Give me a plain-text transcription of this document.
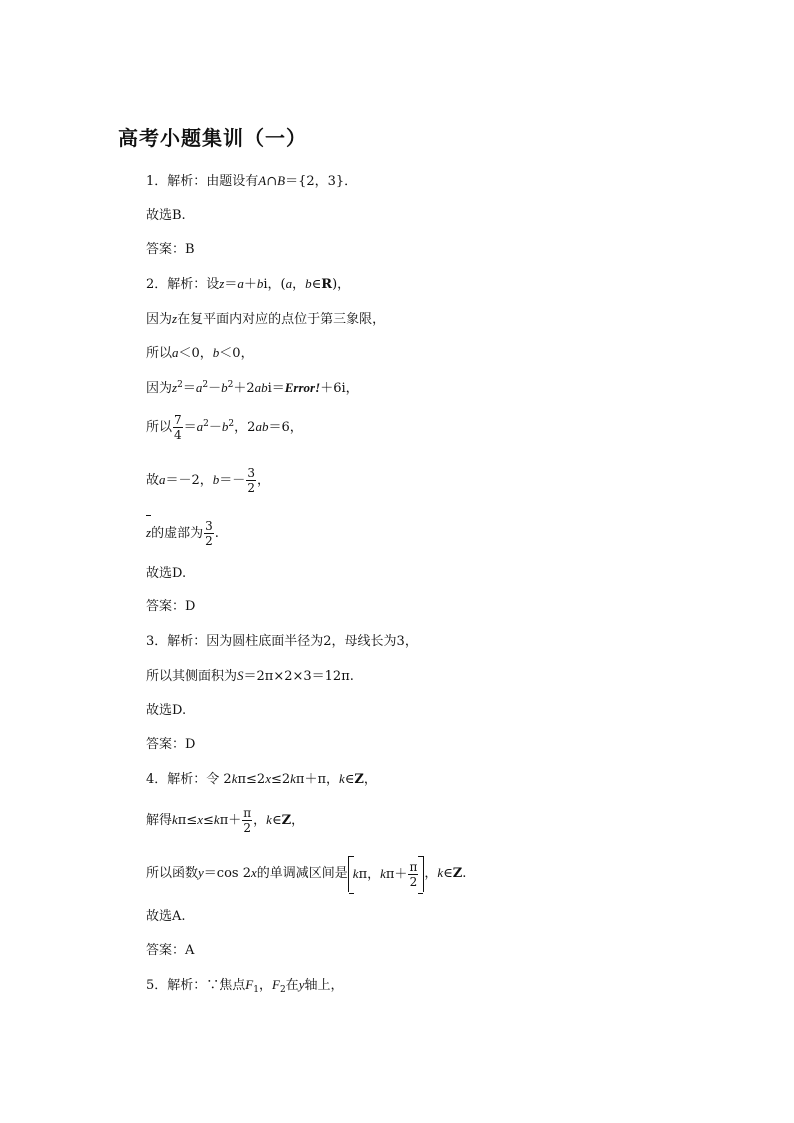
高考小题集训（一）
1．解析：由题设有A∩B＝{2，3}．
故选B.
答案：B
2．解析：设z＝a＋bi，(a，b∈R)，
因为z在复平面内对应的点位于第三象限，
所以a＜0，b＜0，
因为$z^2=a^2-b^2+2abi=Error!+6i$，
所以 $\frac{7}{4} =a^2-b^2$，2ab＝6，
故a＝－2，$b=- \frac{3}{2}$ ，
z的虚部为 $\frac{3}{2}$ .
故选D.
答案：D
3．解析：因为圆柱底面半径为2，母线长为3，
所以其侧面积为S＝2π×2×3＝12π.
故选D.
答案：D
4．解析：令 2kπ≤2x≤2kπ＋π，k∈Z，
解得$k\pi\le x\le k\pi+ \frac{\pi}{2}$ ，k∈Z，
所以函数y＝cos 2x的单调减区间是 kπ，$k\pi+ \frac{\pi}{2}$ ，k∈Z.
故选A.
答案：A
5．解析：∵焦点$F_1$，$F_2$在y轴上，
